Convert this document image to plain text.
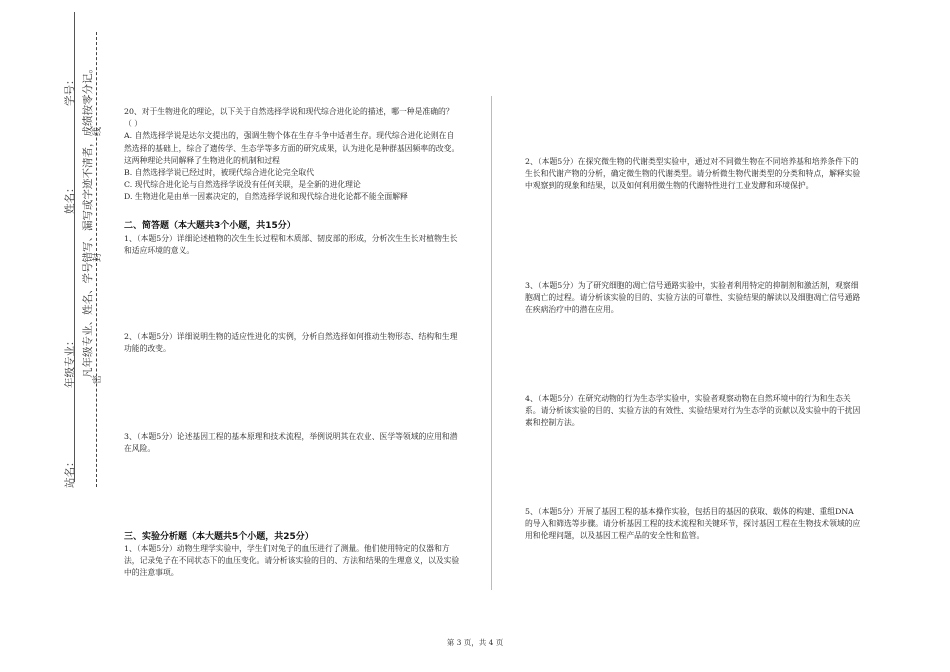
学号：
姓名：
年级专业：
站名：
凡年级专业、姓名、学号错写、漏写或字迹不清者，成绩按零分记。 线
封
密

20、对于生物进化的理论，以下关于自然选择学说和现代综合进化论的描述，哪一种是准确的？（ ）

A. 自然选择学说是达尔文提出的，强调生物个体在生存斗争中适者生存。现代综合进化论则在自然选择的基础上，综合了遗传学、生态学等多方面的研究成果，认为进化是种群基因频率的改变。这两种理论共同解释了生物进化的机制和过程

B. 自然选择学说已经过时，被现代综合进化论完全取代

C. 现代综合进化论与自然选择学说没有任何关联，是全新的进化理论

D. 生物进化是由单一因素决定的，自然选择学说和现代综合进化论都不能全面解释

二、简答题（本大题共3个小题，共15分）
1、（本题5分）详细论述植物的次生生长过程和木质部、韧皮部的形成，分析次生生长对植物生长和适应环境的意义。
2、（本题5分）详细说明生物的适应性进化的实例，分析自然选择如何推动生物形态、结构和生理功能的改变。
3、（本题5分）论述基因工程的基本原理和技术流程，举例说明其在农业、医学等领域的应用和潜在风险。
三、实验分析题（本大题共5个小题，共25分）
1、（本题5分）动物生理学实验中，学生们对兔子的血压进行了测量。他们使用特定的仪器和方法，记录兔子在不同状态下的血压变化。请分析该实验的目的、方法和结果的生理意义，以及实验中的注意事项。
2、（本题5分）在探究微生物的代谢类型实验中，通过对不同微生物在不同培养基和培养条件下的生长和代谢产物的分析，确定微生物的代谢类型。请分析微生物代谢类型的分类和特点，解释实验中观察到的现象和结果，以及如何利用微生物的代谢特性进行工业发酵和环境保护。
3、（本题5分）为了研究细胞的凋亡信号通路实验中，实验者利用特定的抑制剂和激活剂，观察细胞凋亡的过程。请分析该实验的目的、实验方法的可靠性、实验结果的解读以及细胞凋亡信号通路在疾病治疗中的潜在应用。
4、（本题5分）在研究动物的行为生态学实验中，实验者观察动物在自然环境中的行为和生态关系。请分析该实验的目的、实验方法的有效性、实验结果对行为生态学的贡献以及实验中的干扰因素和控制方法。
5、（本题5分）开展了基因工程的基本操作实验，包括目的基因的获取、载体的构建、重组DNA 的导入和筛选等步骤。请分析基因工程的技术流程和关键环节，探讨基因工程在生物技术领域的应用和伦理问题，以及基因工程产品的安全性和监管。
第 3 页，共 4 页
